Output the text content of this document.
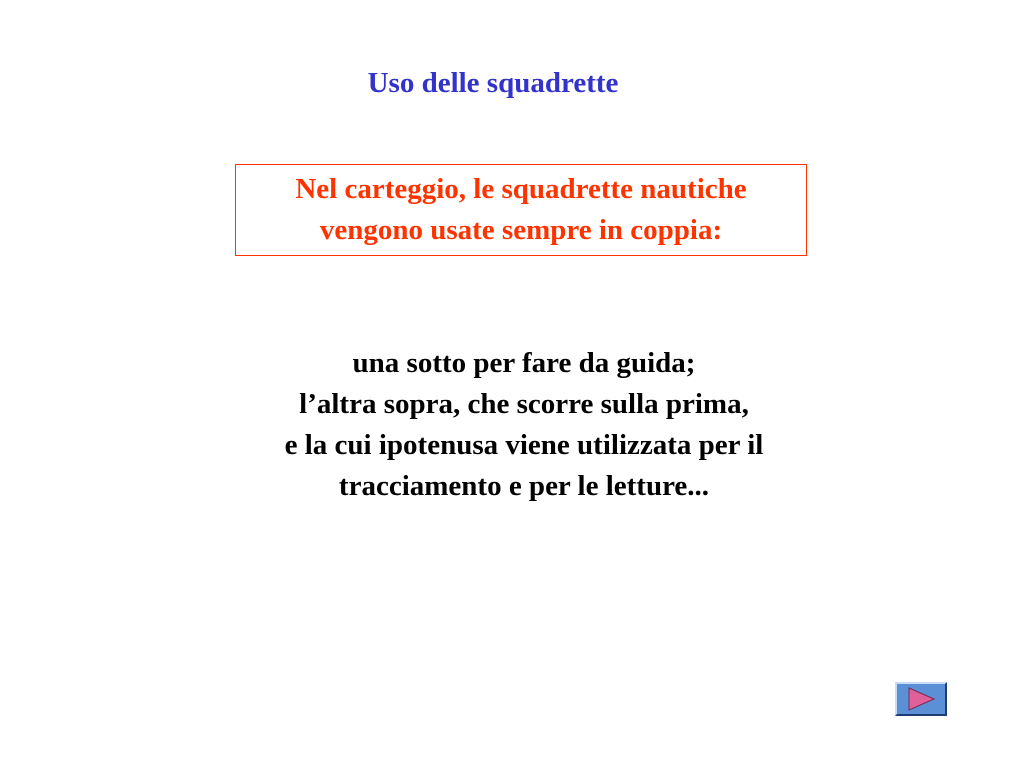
Uso delle squadrette
Nel carteggio, le squadrette nautiche
vengono usate sempre in coppia:
una sotto per fare da guida;
l’altra sopra, che scorre sulla prima,
e la cui ipotenusa viene utilizzata per il
tracciamento e per le letture...
